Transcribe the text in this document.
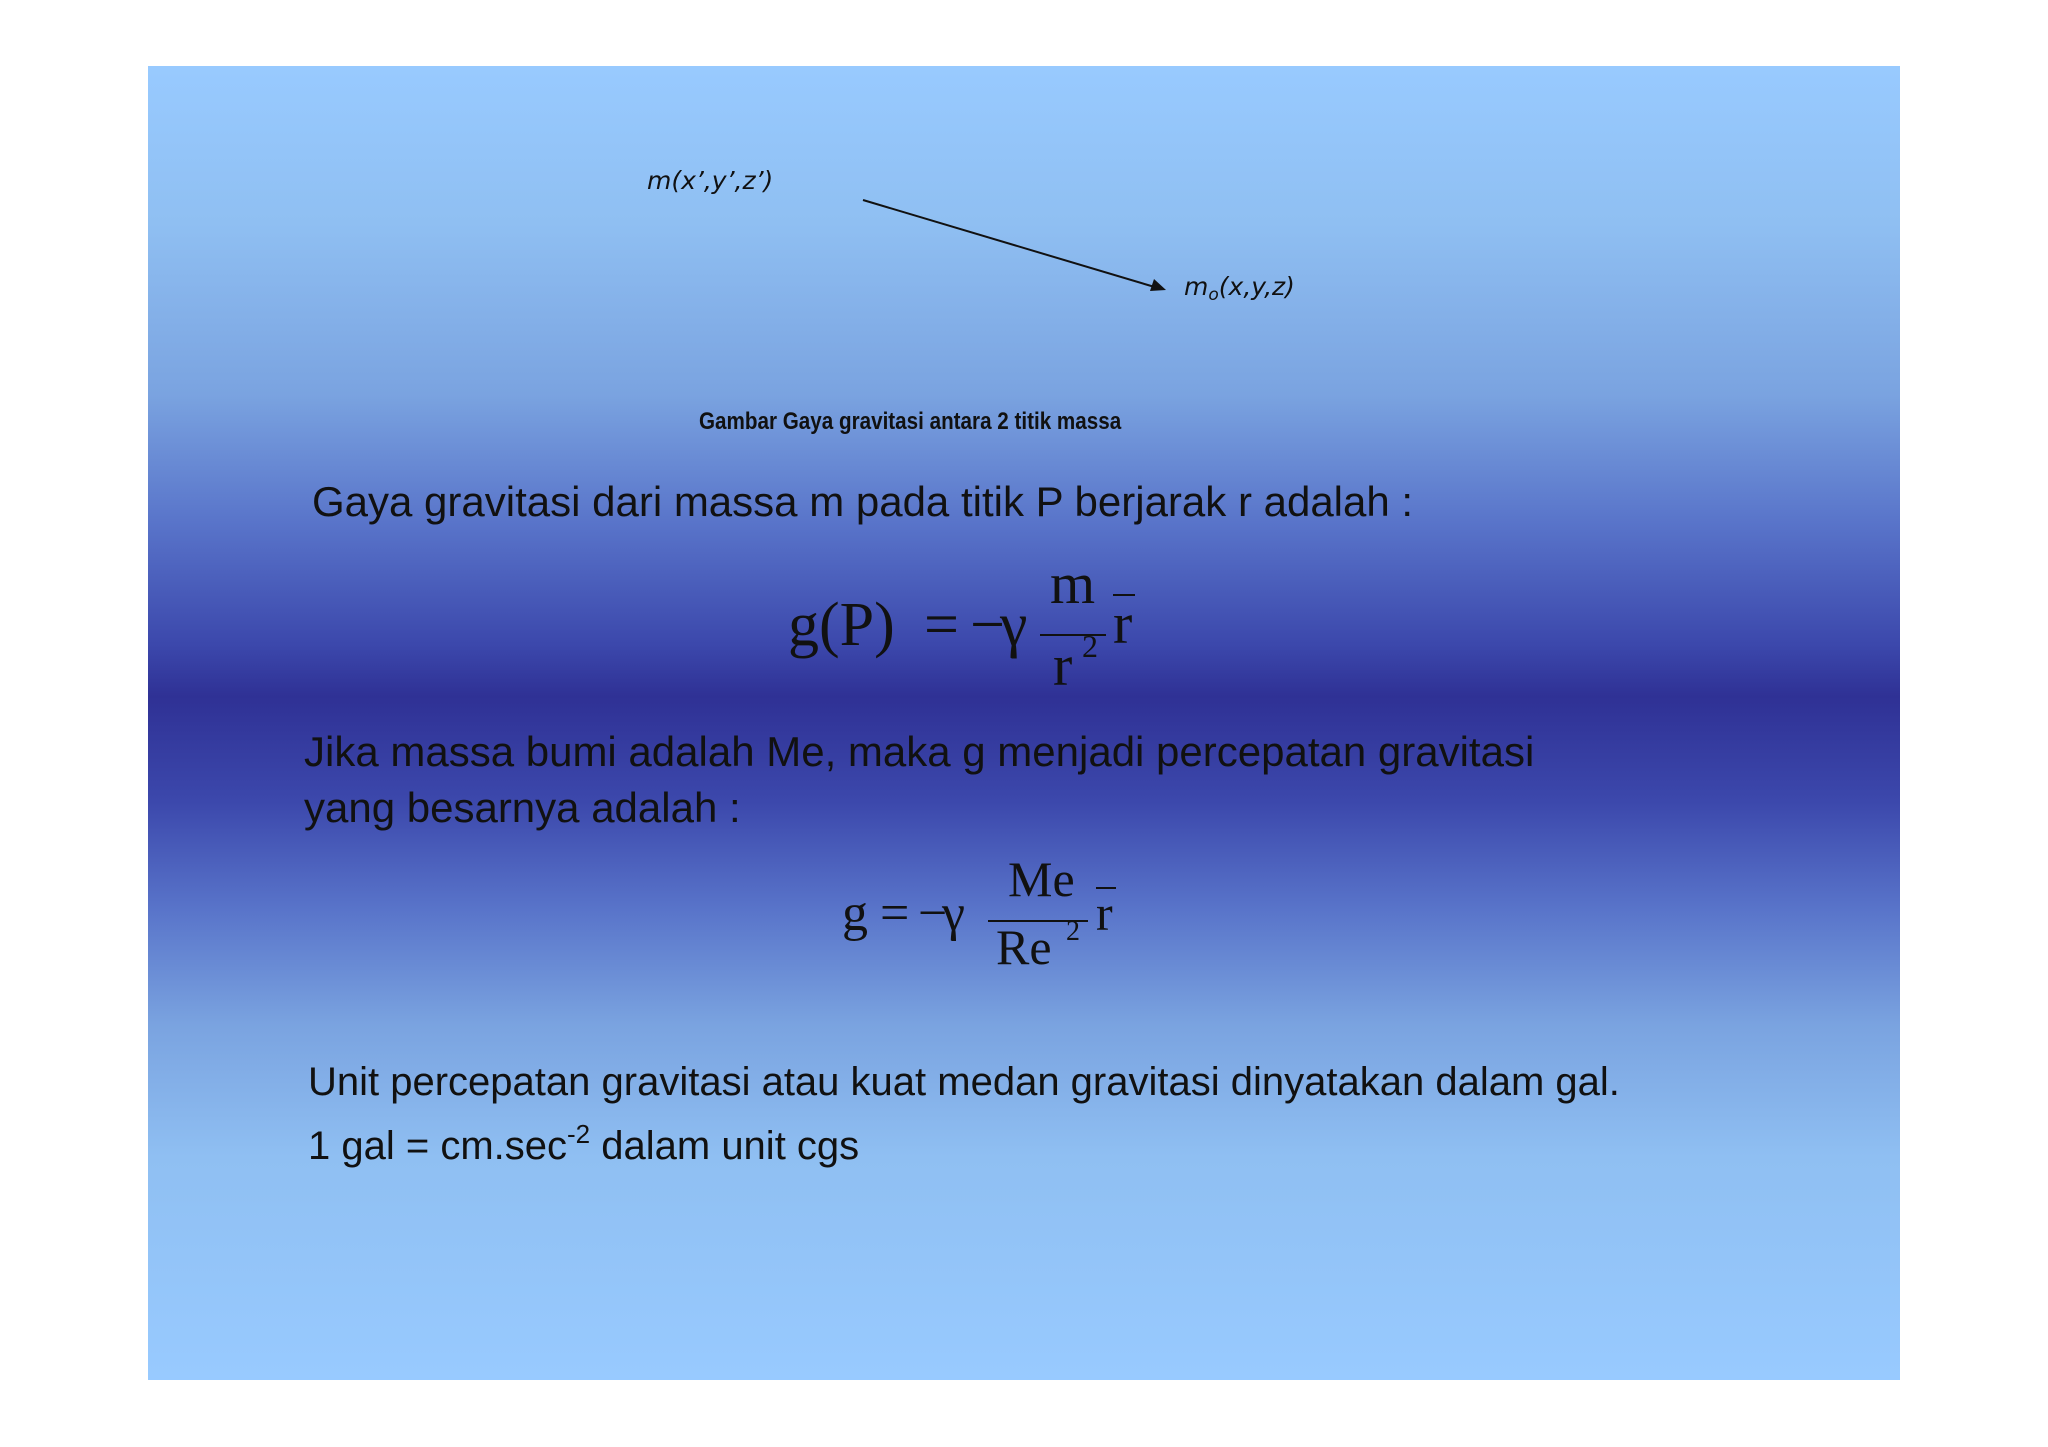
m(x’,y’,z’)
$m_o(x,y,z)$
Gambar Gaya gravitasi antara 2 titik massa
Gaya gravitasi dari massa m pada titik P berjarak r adalah :
g(P) = −
γ
m
r 2 r
Jika massa bumi adalah Me, maka g menjadi percepatan gravitasi
yang besarnya adalah :
g = −
γ
Me
Re 2 r
Unit percepatan gravitasi atau kuat medan gravitasi dinyatakan dalam gal.
1 gal = $cm.\sec^{-2}$ dalam unit cgs
